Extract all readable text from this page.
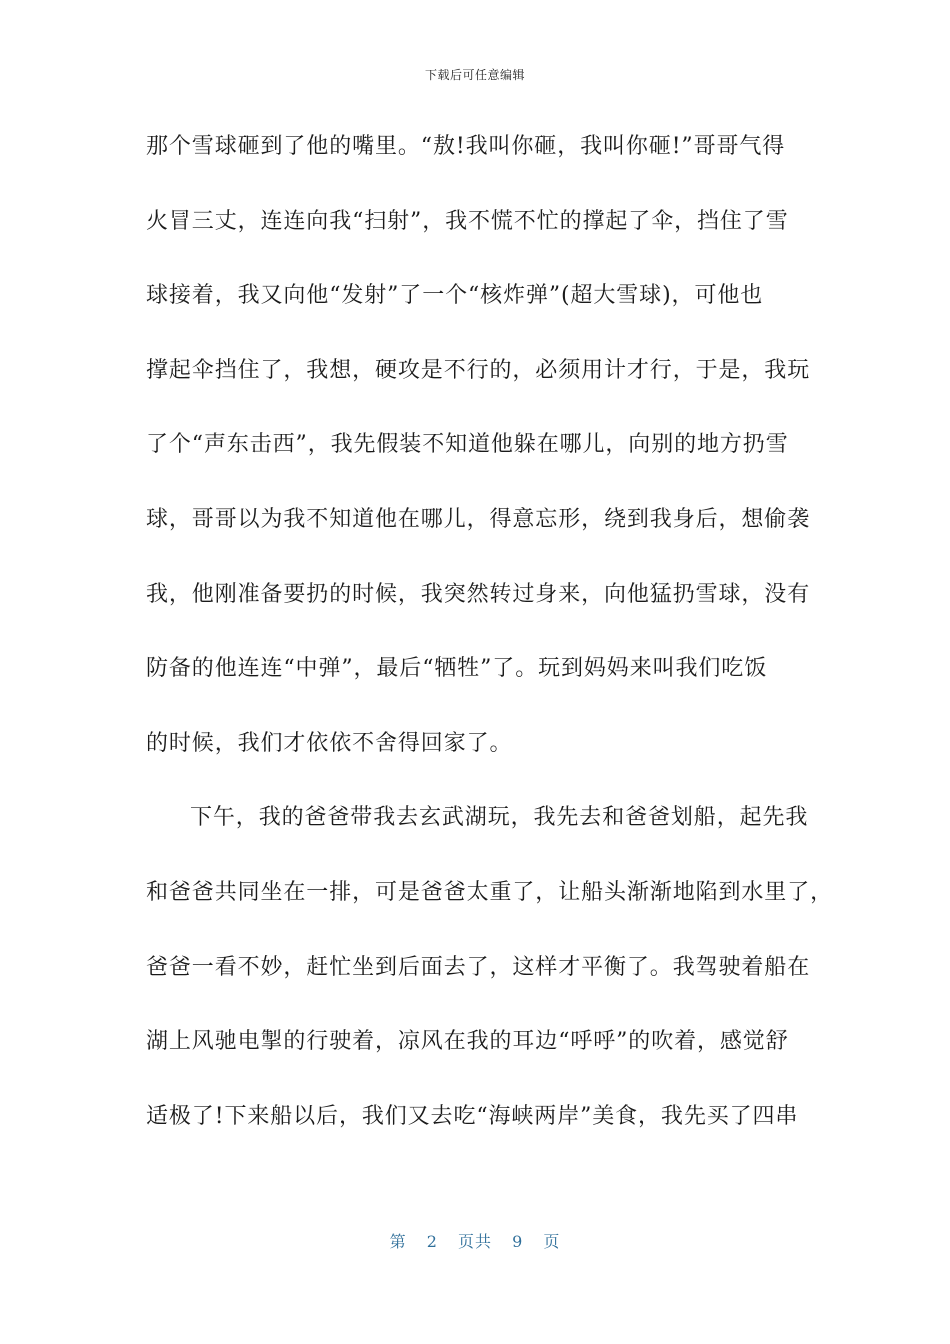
下载后可任意编辑
那个雪球砸到了他的嘴里。“敖!我叫你砸，我叫你砸!”哥哥气得
火冒三丈，连连向我“扫射”，我不慌不忙的撑起了伞，挡住了雪
球接着，我又向他“发射”了一个“核炸弹”(超大雪球)，可他也
撑起伞挡住了，我想，硬攻是不行的，必须用计才行，于是，我玩
了个“声东击西”，我先假装不知道他躲在哪儿，向别的地方扔雪
球，哥哥以为我不知道他在哪儿，得意忘形，绕到我身后，想偷袭
我，他刚准备要扔的时候，我突然转过身来，向他猛扔雪球，没有
防备的他连连“中弹”，最后“牺牲”了。玩到妈妈来叫我们吃饭
的时候，我们才依依不舍得回家了。
下午，我的爸爸带我去玄武湖玩，我先去和爸爸划船，起先我
和爸爸共同坐在一排，可是爸爸太重了，让船头渐渐地陷到水里了，
爸爸一看不妙，赶忙坐到后面去了，这样才平衡了。我驾驶着船在
湖上风驰电掣的行驶着，凉风在我的耳边“呼呼”的吹着，感觉舒
适极了!下来船以后，我们又去吃“海峡两岸”美食，我先买了四串
第 2 页共 9 页
